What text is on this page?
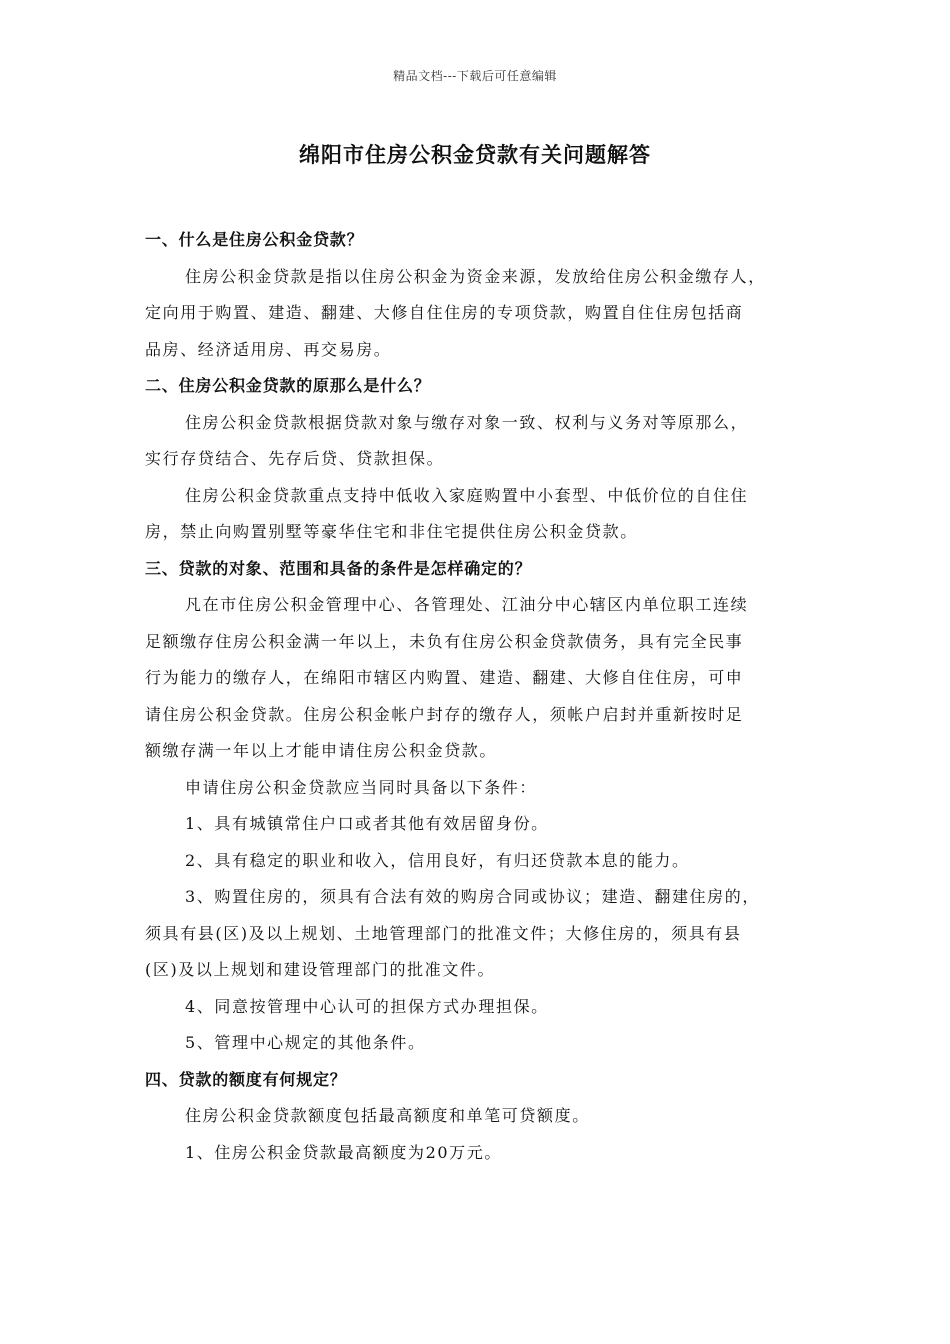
精品文档---下载后可任意编辑
绵阳市住房公积金贷款有关问题解答
一、什么是住房公积金贷款？
住房公积金贷款是指以住房公积金为资金来源，发放给住房公积金缴存人，
定向用于购置、建造、翻建、大修自住住房的专项贷款，购置自住住房包括商
品房、经济适用房、再交易房。
二、住房公积金贷款的原那么是什么？
住房公积金贷款根据贷款对象与缴存对象一致、权利与义务对等原那么，
实行存贷结合、先存后贷、贷款担保。
住房公积金贷款重点支持中低收入家庭购置中小套型、中低价位的自住住
房，禁止向购置别墅等豪华住宅和非住宅提供住房公积金贷款。
三、贷款的对象、范围和具备的条件是怎样确定的？
凡在市住房公积金管理中心、各管理处、江油分中心辖区内单位职工连续
足额缴存住房公积金满一年以上，未负有住房公积金贷款债务，具有完全民事
行为能力的缴存人，在绵阳市辖区内购置、建造、翻建、大修自住住房，可申
请住房公积金贷款。住房公积金帐户封存的缴存人，须帐户启封并重新按时足
额缴存满一年以上才能申请住房公积金贷款。
申请住房公积金贷款应当同时具备以下条件：
1、具有城镇常住户口或者其他有效居留身份。
2、具有稳定的职业和收入，信用良好，有归还贷款本息的能力。
3、购置住房的，须具有合法有效的购房合同或协议；建造、翻建住房的，
须具有县(区)及以上规划、土地管理部门的批准文件；大修住房的，须具有县
(区)及以上规划和建设管理部门的批准文件。
4、同意按管理中心认可的担保方式办理担保。
5、管理中心规定的其他条件。
四、贷款的额度有何规定？
住房公积金贷款额度包括最高额度和单笔可贷额度。
1、住房公积金贷款最高额度为20万元。
